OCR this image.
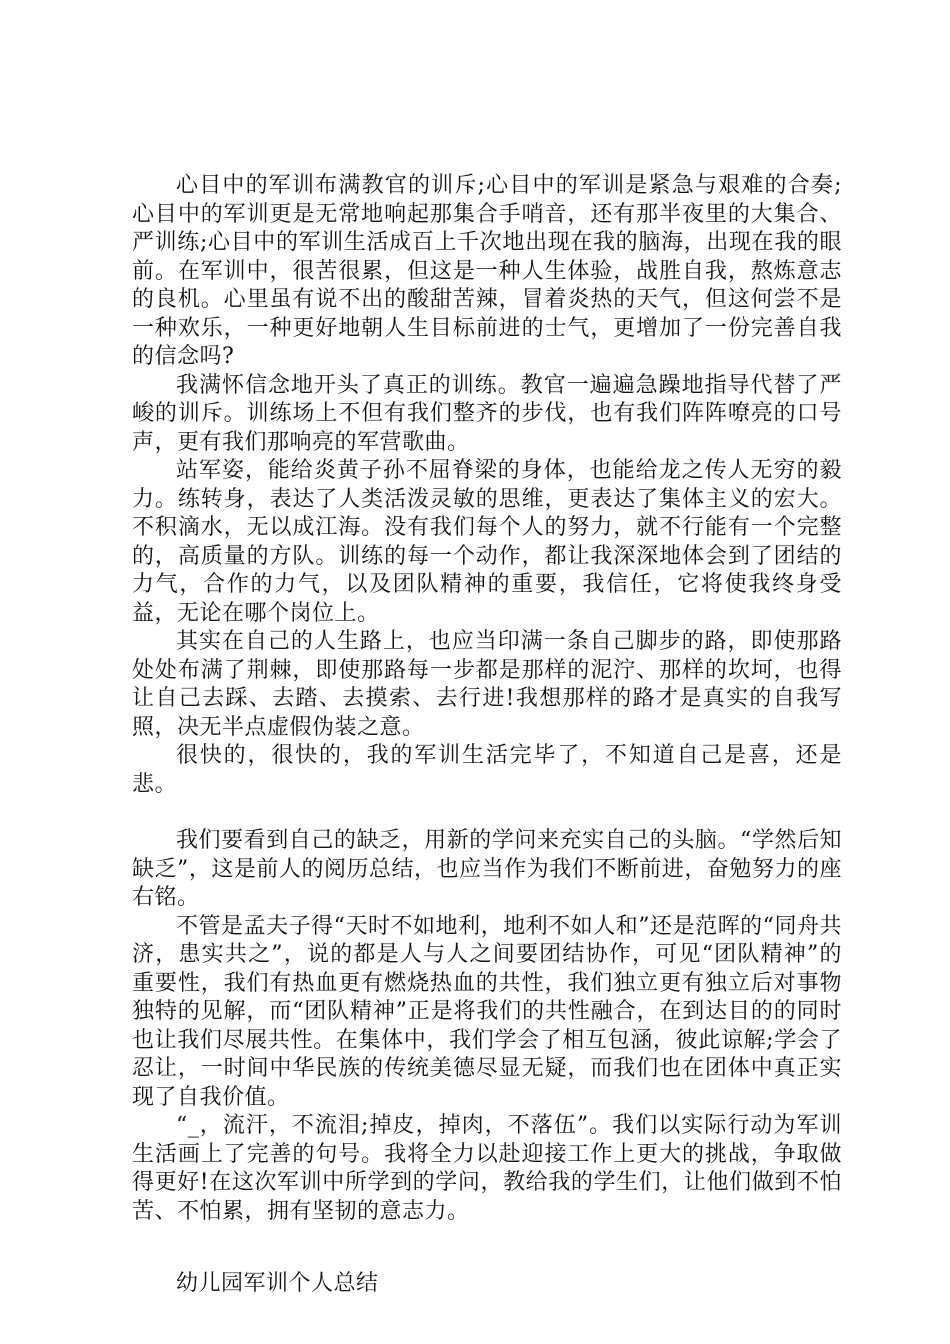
心目中的军训布满教官的训斥;心目中的军训是紧急与艰难的合奏;心目中的军训更是无常地响起那集合手哨音，还有那半夜里的大集合、严训练;心目中的军训生活成百上千次地出现在我的脑海，出现在我的眼前。在军训中，很苦很累，但这是一种人生体验，战胜自我，熬炼意志的良机。心里虽有说不出的酸甜苦辣，冒着炎热的天气，但这何尝不是一种欢乐，一种更好地朝人生目标前进的士气，更增加了一份完善自我的信念吗?

我满怀信念地开头了真正的训练。教官一遍遍急躁地指导代替了严峻的训斥。训练场上不但有我们整齐的步伐，也有我们阵阵嘹亮的口号声，更有我们那响亮的军营歌曲。

站军姿，能给炎黄子孙不屈脊梁的身体，也能给龙之传人无穷的毅力。练转身，表达了人类活泼灵敏的思维，更表达了集体主义的宏大。不积滴水，无以成江海。没有我们每个人的努力，就不行能有一个完整的，高质量的方队。训练的每一个动作，都让我深深地体会到了团结的力气，合作的力气，以及团队精神的重要，我信任，它将使我终身受益，无论在哪个岗位上。

其实在自己的人生路上，也应当印满一条自己脚步的路，即使那路处处布满了荆棘，即使那路每一步都是那样的泥泞、那样的坎坷，也得让自己去踩、去踏、去摸索、去行进!我想那样的路才是真实的自我写照，决无半点虚假伪装之意。

很快的，很快的，我的军训生活完毕了，不知道自己是喜，还是悲。

我们要看到自己的缺乏，用新的学问来充实自己的头脑。“学然后知缺乏”，这是前人的阅历总结，也应当作为我们不断前进，奋勉努力的座右铭。

不管是孟夫子得“天时不如地利，地利不如人和”还是范晖的“同舟共济，患实共之”，说的都是人与人之间要团结协作，可见“团队精神”的重要性，我们有热血更有燃烧热血的共性，我们独立更有独立后对事物独特的见解，而“团队精神”正是将我们的共性融合，在到达目的的同时也让我们尽展共性。在集体中，我们学会了相互包涵，彼此谅解;学会了忍让，一时间中华民族的传统美德尽显无疑，而我们也在团体中真正实现了自我价值。

“_，流汗，不流泪;掉皮，掉肉，不落伍”。我们以实际行动为军训生活画上了完善的句号。我将全力以赴迎接工作上更大的挑战，争取做得更好!在这次军训中所学到的学问，教给我的学生们，让他们做到不怕苦、不怕累，拥有坚韧的意志力。

幼儿园军训个人总结
